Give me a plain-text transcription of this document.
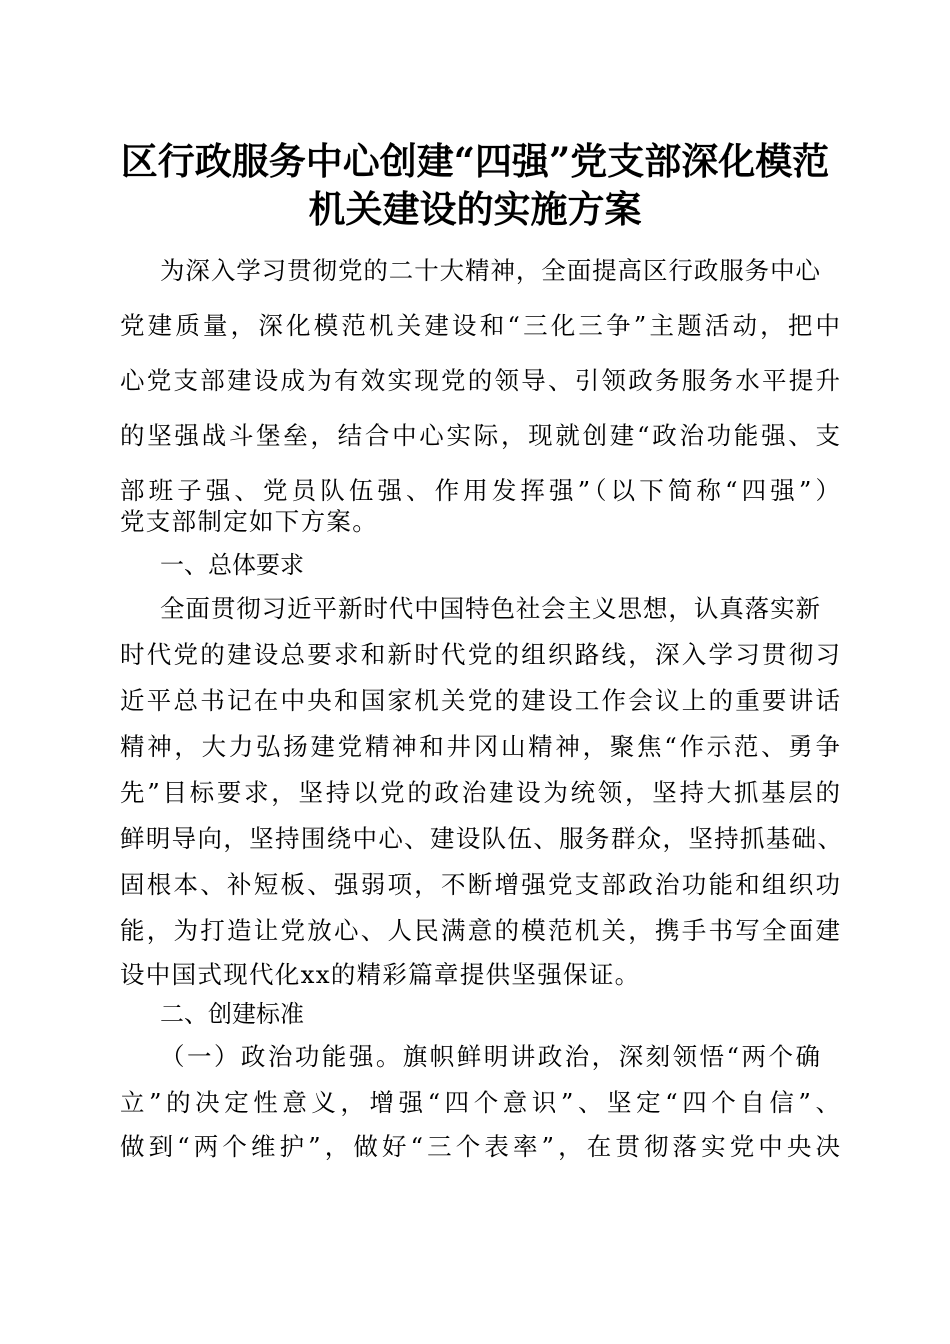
区行政服务中心创建“四强”党支部深化模范
机关建设的实施方案
为深入学习贯彻党的二十大精神，全面提高区行政服务中心
党建质量，深化模范机关建设和“三化三争”主题活动，把中
心党支部建设成为有效实现党的领导、引领政务服务水平提升
的坚强战斗堡垒，结合中心实际，现就创建“政治功能强、支
部班子强、党员队伍强、作用发挥强”（以下简称“四强”）
党支部制定如下方案。
一、总体要求
全面贯彻习近平新时代中国特色社会主义思想，认真落实新
时代党的建设总要求和新时代党的组织路线，深入学习贯彻习
近平总书记在中央和国家机关党的建设工作会议上的重要讲话
精神，大力弘扬建党精神和井冈山精神，聚焦“作示范、勇争
先”目标要求，坚持以党的政治建设为统领，坚持大抓基层的
鲜明导向，坚持围绕中心、建设队伍、服务群众，坚持抓基础、
固根本、补短板、强弱项，不断增强党支部政治功能和组织功
能，为打造让党放心、人民满意的模范机关，携手书写全面建
设中国式现代化xx的精彩篇章提供坚强保证。
二、创建标准
（一）政治功能强。旗帜鲜明讲政治，深刻领悟“两个确
立”的决定性意义，增强“四个意识”、坚定“四个自信”、
做到“两个维护”，做好“三个表率”，在贯彻落实党中央决
